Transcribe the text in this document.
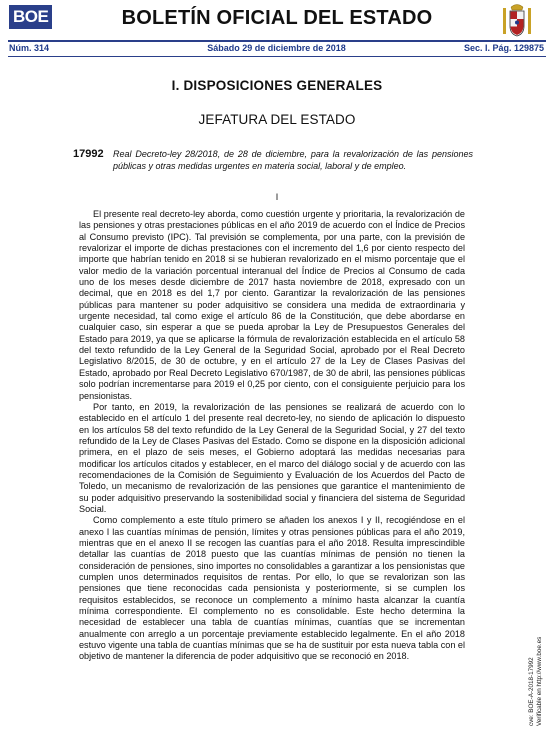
BOE	BOLETÍN OFICIAL DEL ESTADO
Núm. 314	Sábado 29 de diciembre de 2018	Sec. I. Pág. 129875
I. DISPOSICIONES GENERALES
JEFATURA DEL ESTADO
17992	Real Decreto-ley 28/2018, de 28 de diciembre, para la revalorización de las pensiones públicas y otras medidas urgentes en materia social, laboral y de empleo.
I

El presente real decreto-ley aborda, como cuestión urgente y prioritaria, la revalorización de las pensiones y otras prestaciones públicas en el año 2019 de acuerdo con el Índice de Precios al Consumo previsto (IPC). Tal previsión se complementa, por una parte, con la previsión de revalorizar el importe de dichas prestaciones con el incremento del 1,6 por ciento respecto del importe que habrían tenido en 2018 si se hubieran revalorizado en el mismo porcentaje que el valor medio de la variación porcentual interanual del Índice de Precios al Consumo de cada uno de los meses desde diciembre de 2017 hasta noviembre de 2018, expresado con un decimal, que en 2018 es del 1,7 por ciento. Garantizar la revalorización de las pensiones públicas para mantener su poder adquisitivo se considera una medida de extraordinaria y urgente necesidad, tal como exige el artículo 86 de la Constitución, que debe abordarse en cualquier caso, sin esperar a que se pueda aprobar la Ley de Presupuestos Generales del Estado para 2019, ya que se aplicarse la fórmula de revalorización establecida en el artículo 58 del texto refundido de la Ley General de la Seguridad Social, aprobado por el Real Decreto Legislativo 8/2015, de 30 de octubre, y en el artículo 27 de la Ley de Clases Pasivas del Estado, aprobado por Real Decreto Legislativo 670/1987, de 30 de abril, las pensiones públicas solo podrían incrementarse para 2019 el 0,25 por ciento, con el consiguiente perjuicio para los pensionistas.

Por tanto, en 2019, la revalorización de las pensiones se realizará de acuerdo con lo establecido en el artículo 1 del presente real decreto-ley, no siendo de aplicación lo dispuesto en los artículos 58 del texto refundido de la Ley General de la Seguridad Social, y 27 del texto refundido de la Ley de Clases Pasivas del Estado. Como se dispone en la disposición adicional primera, en el plazo de seis meses, el Gobierno adoptará las medidas necesarias para modificar los artículos citados y establecer, en el marco del diálogo social y de acuerdo con las recomendaciones de la Comisión de Seguimiento y Evaluación de los Acuerdos del Pacto de Toledo, un mecanismo de revalorización de las pensiones que garantice el mantenimiento de su poder adquisitivo preservando la sostenibilidad social y financiera del sistema de Seguridad Social.

Como complemento a este título primero se añaden los anexos I y II, recogiéndose en el anexo I las cuantías mínimas de pensión, límites y otras pensiones públicas para el año 2019, mientras que en el anexo II se recogen las cuantías para el año 2018. Resulta imprescindible detallar las cuantías de 2018 puesto que las cuantías mínimas de pensión no tienen la consideración de pensiones, sino importes no consolidables a garantizar a los pensionistas que cumplen unos determinados requisitos de rentas. Por ello, lo que se revalorizan son las pensiones que tiene reconocidas cada pensionista y posteriormente, si se cumplen los requisitos establecidos, se reconoce un complemento a mínimo hasta alcanzar la cuantía mínima correspondiente. El complemento no es consolidable. Este hecho determina la necesidad de establecer una tabla de cuantías mínimas, cuantías que se incrementan anualmente con arreglo a un porcentaje previamente establecido legalmente. En el año 2018 estuvo vigente una tabla de cuantías mínimas que se ha de sustituir por esta nueva tabla con el objetivo de mantener la diferencia de poder adquisitivo que se reconoció en 2018.

cve: BOE-A-2018-17992 Verificable en http://www.boe.es
